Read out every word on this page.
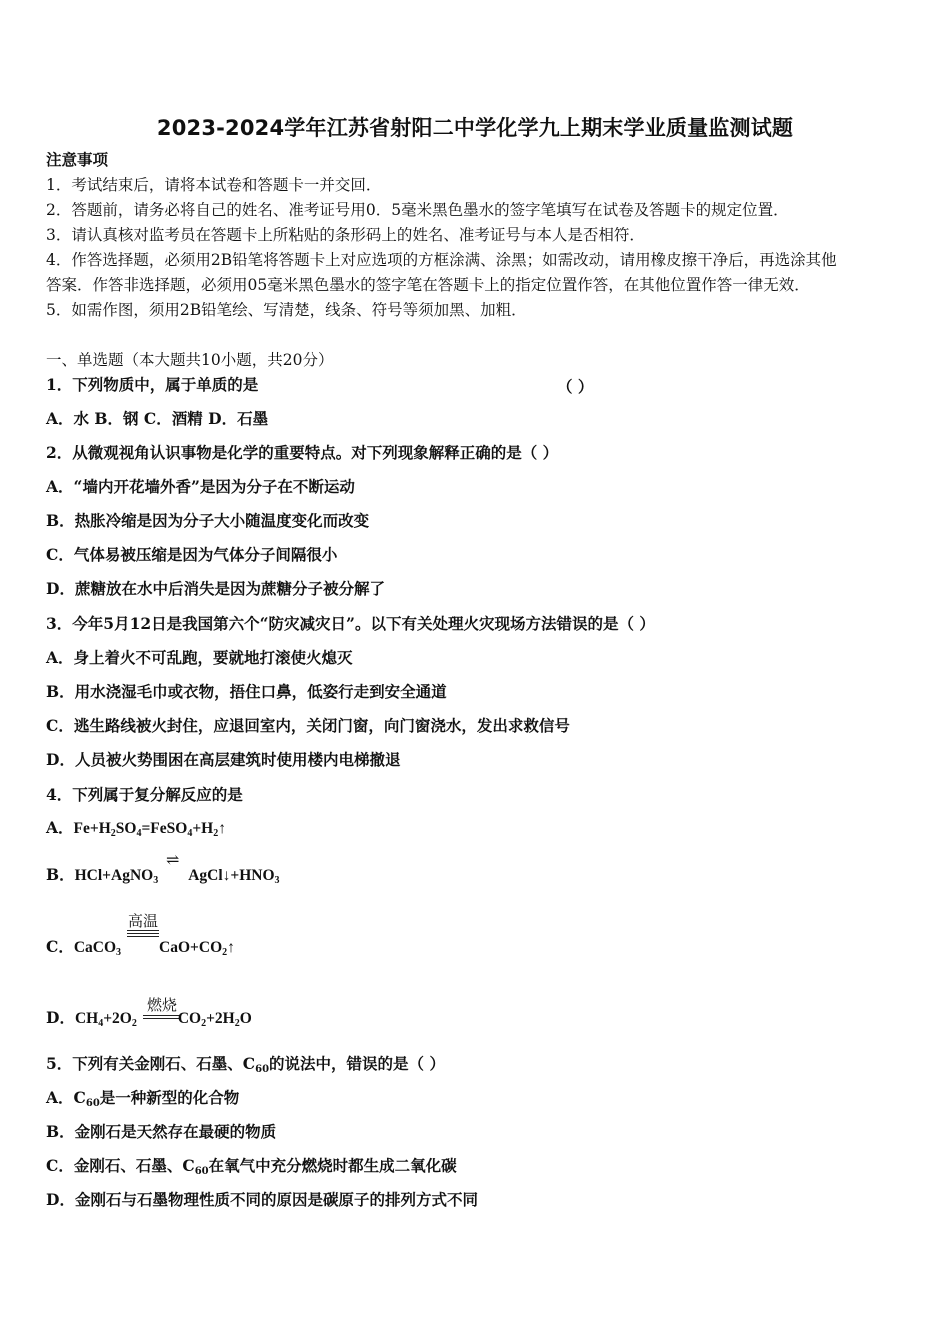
2023-2024学年江苏省射阳二中学化学九上期末学业质量监测试题
注意事项
1．考试结束后，请将本试卷和答题卡一并交回．
2．答题前，请务必将自己的姓名、准考证号用0．5毫米黑色墨水的签字笔填写在试卷及答题卡的规定位置．
3．请认真核对监考员在答题卡上所粘贴的条形码上的姓名、准考证号与本人是否相符．
4．作答选择题，必须用2B铅笔将答题卡上对应选项的方框涂满、涂黑；如需改动，请用橡皮擦干净后，再选涂其他
答案．作答非选择题，必须用05毫米黑色墨水的签字笔在答题卡上的指定位置作答，在其他位置作答一律无效．
5．如需作图，须用2B铅笔绘、写清楚，线条、符号等须加黑、加粗．
一、单选题（本大题共10小题，共20分）
1．下列物质中，属于单质的是	（ ）
A．水 B．钢 C．酒精 D．石墨
2．从微观视角认识事物是化学的重要特点。对下列现象解释正确的是（ ）
A．“墙内开花墙外香”是因为分子在不断运动
B．热胀冷缩是因为分子大小随温度变化而改变
C．气体易被压缩是因为气体分子间隔很小
D．蔗糖放在水中后消失是因为蔗糖分子被分解了
3．今年5月12日是我国第六个“防灾减灾日”。以下有关处理火灾现场方法错误的是（ ）
A．身上着火不可乱跑，要就地打滚使火熄灭
B．用水浇湿毛巾或衣物，捂住口鼻，低姿行走到安全通道
C．逃生路线被火封住，应退回室内，关闭门窗，向门窗浇水，发出求救信号
D．人员被火势围困在高层建筑时使用楼内电梯撤退
4．下列属于复分解反应的是
A．$Fe+H_2SO_4=FeSO_4+H_2↑$
⇌
B．HCl+AgNO$_3$ $AgCl↓+HNO_3$
高温
C．CaCO$_3$ $CaO+CO_2↑$
燃烧
D．$CH_4+2O_2$	$CO_2+2H_2O$
5．下列有关金刚石、石墨、$C_{60}$的说法中，错误的是（ ）
A．$C_{60}$是一种新型的化合物
B．金刚石是天然存在最硬的物质
C．金刚石、石墨、$C_{60}$在氧气中充分燃烧时都生成二氧化碳
D．金刚石与石墨物理性质不同的原因是碳原子的排列方式不同
